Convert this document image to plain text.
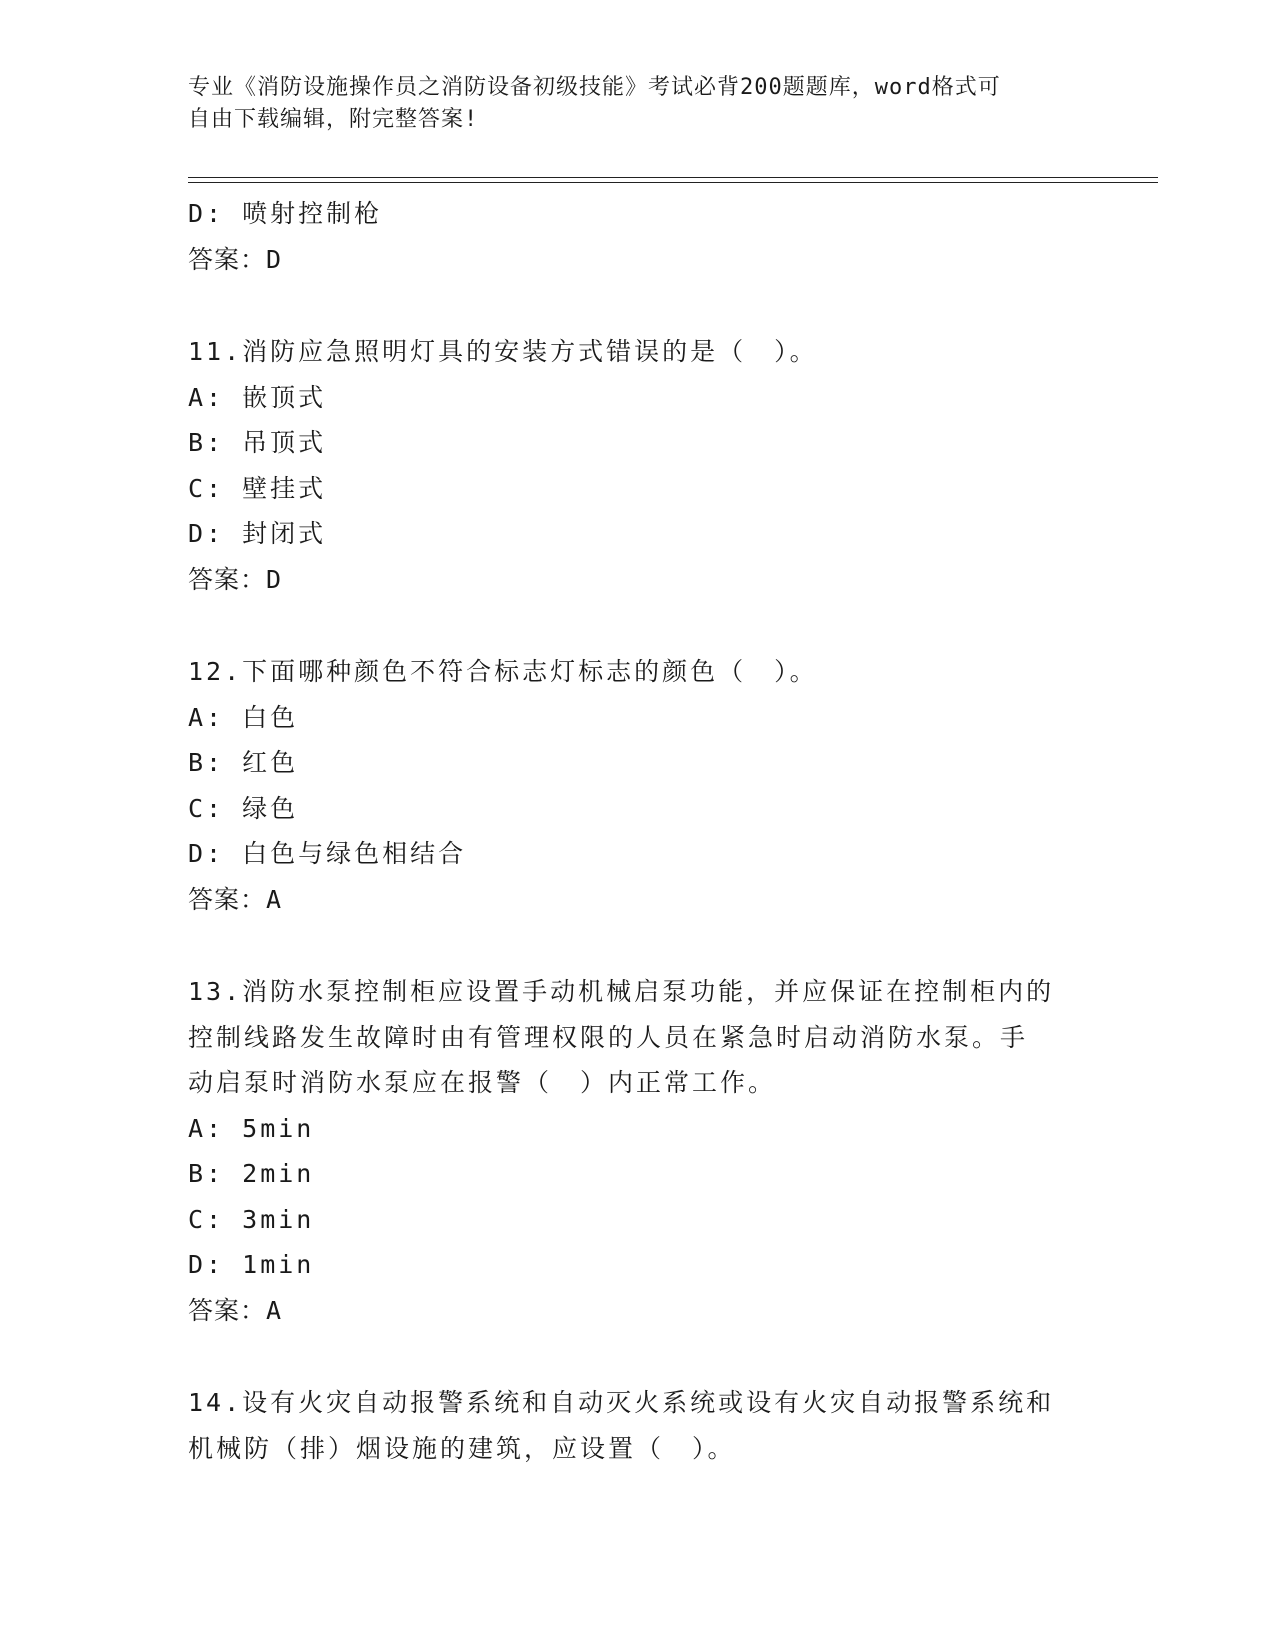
专业《消防设施操作员之消防设备初级技能》考试必背200题题库，word格式可
自由下载编辑，附完整答案!
D: 喷射控制枪
答案：D
11.消防应急照明灯具的安装方式错误的是（　）。
A: 嵌顶式
B: 吊顶式
C: 壁挂式
D: 封闭式
答案：D
12.下面哪种颜色不符合标志灯标志的颜色（　）。
A: 白色
B: 红色
C: 绿色
D: 白色与绿色相结合
答案：A
13.消防水泵控制柜应设置手动机械启泵功能，并应保证在控制柜内的
控制线路发生故障时由有管理权限的人员在紧急时启动消防水泵。手
动启泵时消防水泵应在报警（　）内正常工作。
A: 5min
B: 2min
C: 3min
D: 1min
答案：A
14.设有火灾自动报警系统和自动灭火系统或设有火灾自动报警系统和
机械防（排）烟设施的建筑，应设置（　）。
